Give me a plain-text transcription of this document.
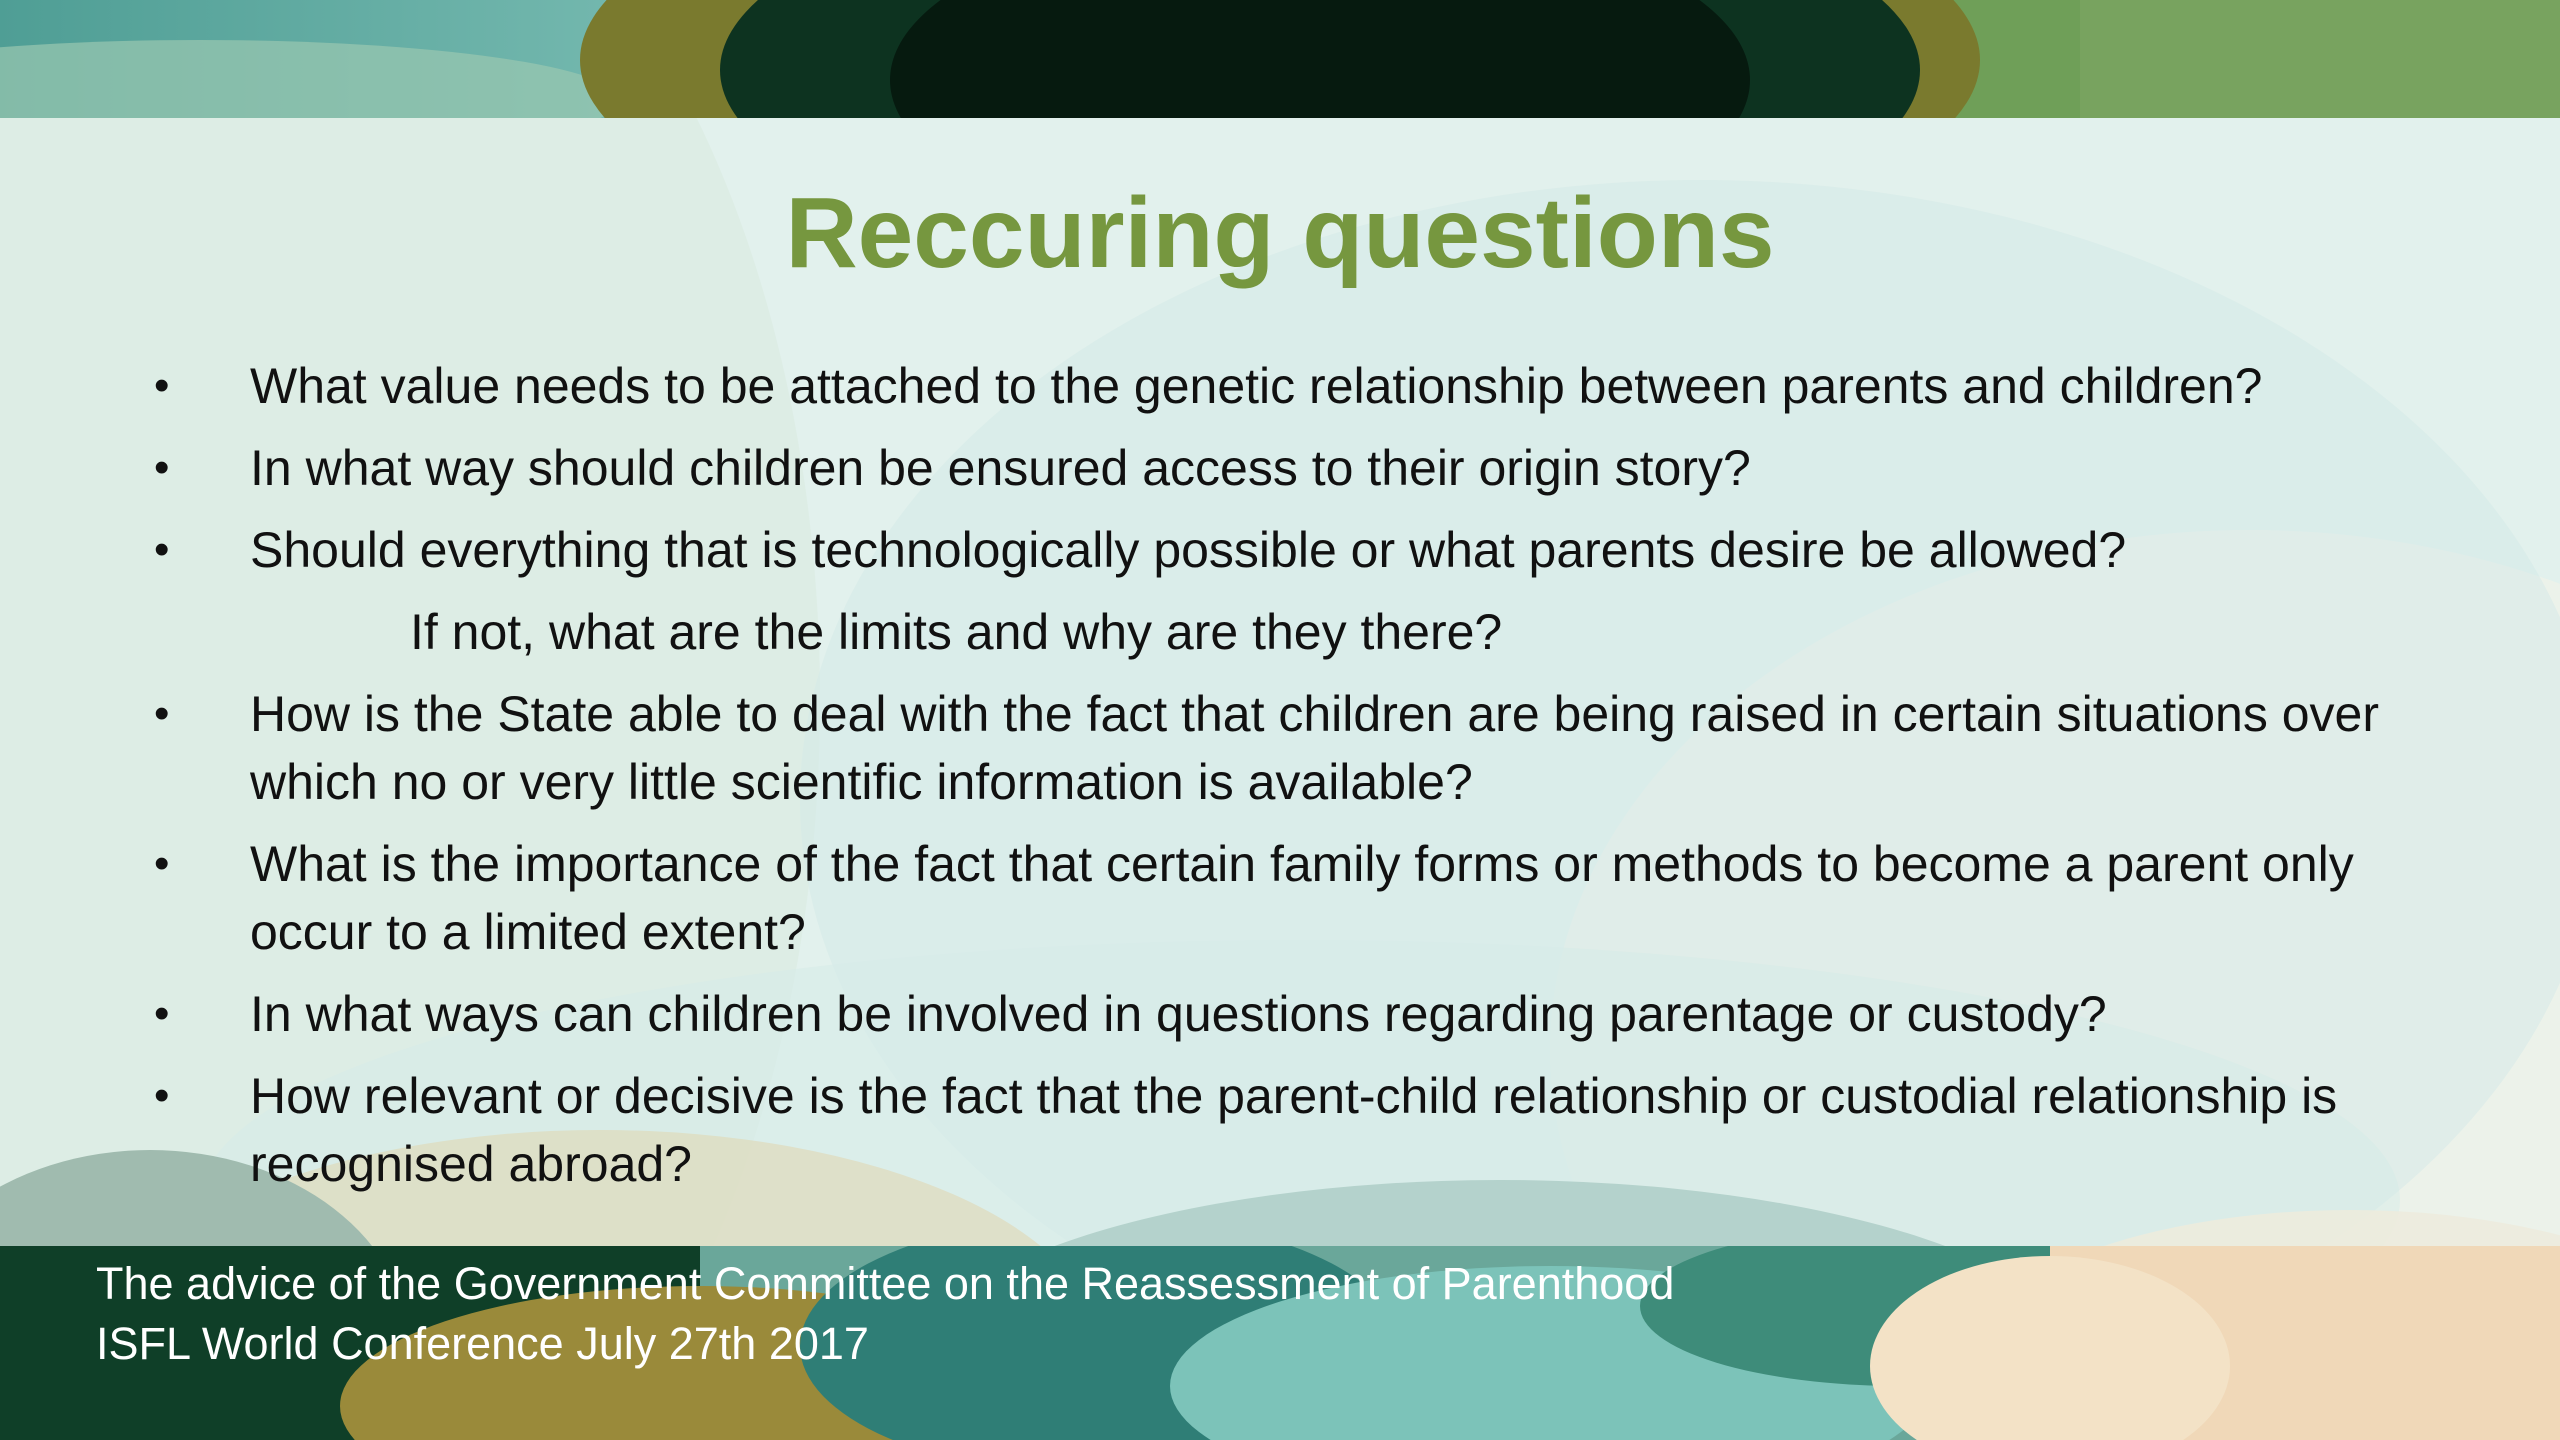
Reccuring questions
• What value needs to be attached to the genetic relationship between parents and children?
• In what way should children be ensured access to their origin story?
• Should everything that is technologically possible or what parents desire be allowed?
If not, what are the limits and why are they there?
• How is the State able to deal with the fact that children are being raised in certain situations over which no or very little scientific information is available?
• What is the importance of the fact that certain family forms or methods to become a parent only occur to a limited extent?
• In what ways can children be involved in questions regarding parentage or custody?
• How relevant or decisive is the fact that the parent-child relationship or custodial relationship is recognised abroad?
The advice of the Government Committee on the Reassessment of Parenthood
ISFL World Conference July 27th 2017
